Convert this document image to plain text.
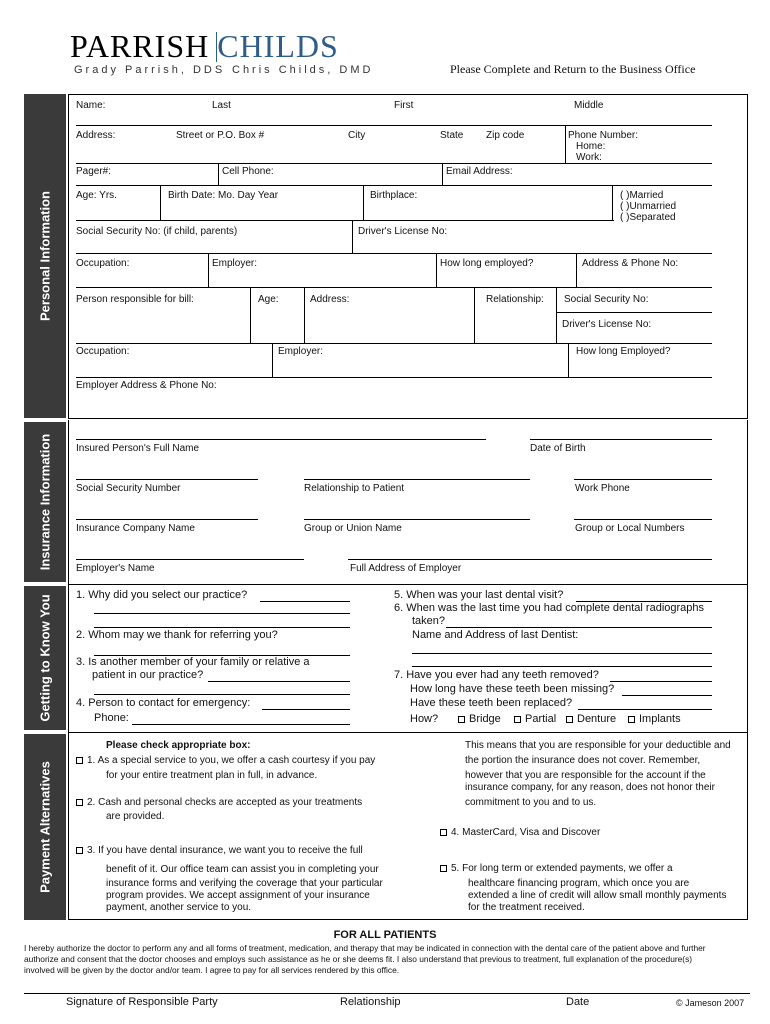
PARRISH CHILDS
Grady Parrish, DDS Chris Childs, DMD	Please Complete and Return to the Business Office
Personal Information
Insurance Information
Getting to Know You
Payment Alternatives
Name:	Last	First	Middle
Address:	Street or P.O. Box #	City	State Zip code	Phone Number:
Home:
Work:
Pager#:	Cell Phone:	Email Address:
Age: Yrs.	Birth Date: Mo. Day Year	Birthplace:	( )Married
( )Unmarried
( )Separated
Social Security No: (if child, parents)	Driver's License No:
Occupation:	Employer:	How long employed?	Address & Phone No:
Person responsible for bill:	Age:	Address:	Relationship: Social Security No:
Driver's License No:
Occupation:	Employer:	How long Employed?
Employer Address & Phone No:
Insured Person's Full Name	Date of Birth
Social Security Number	Relationship to Patient	Work Phone
Insurance Company Name	Group or Union Name	Group or Local Numbers
Employer's Name	Full Address of Employer
1. Why did you select our practice?
2. Whom may we thank for referring you?
3. Is another member of your family or relative a
patient in our practice?
4. Person to contact for emergency:
Phone:
5. When was your last dental visit?
6. When was the last time you had complete dental radiographs
taken?
Name and Address of last Dentist:
7. Have you ever had any teeth removed?
How long have these teeth been missing?
Have these teeth been replaced?
How?	Bridge	Partial	Denture	Implants
Please check appropriate box:
1. As a special service to you, we offer a cash courtesy if you pay
for your entire treatment plan in full, in advance.
2. Cash and personal checks are accepted as your treatments
are provided.
3. If you have dental insurance, we want you to receive the full
benefit of it. Our office team can assist you in completing your
insurance forms and verifying the coverage that your particular
program provides. We accept assignment of your insurance
payment, another service to you.
This means that you are responsible for your deductible and
the portion the insurance does not cover. Remember,
however that you are responsible for the account if the
insurance company, for any reason, does not honor their
commitment to you and to us.
4. MasterCard, Visa and Discover
5. For long term or extended payments, we offer a
healthcare financing program, which once you are
extended a line of credit will allow small monthly payments
for the treatment received.
FOR ALL PATIENTS
I hereby authorize the doctor to perform any and all forms of treatment, medication, and therapy that may be indicated in connection with the dental care of the patient above and further
authorize and consent that the doctor chooses and employs such assistance as he or she deems fit. I also understand that previous to treatment, full explanation of the procedure(s)
involved will be given by the doctor and/or team. I agree to pay for all services rendered by this office.
Signature of Responsible Party	Relationship	Date	© Jameson 2007
